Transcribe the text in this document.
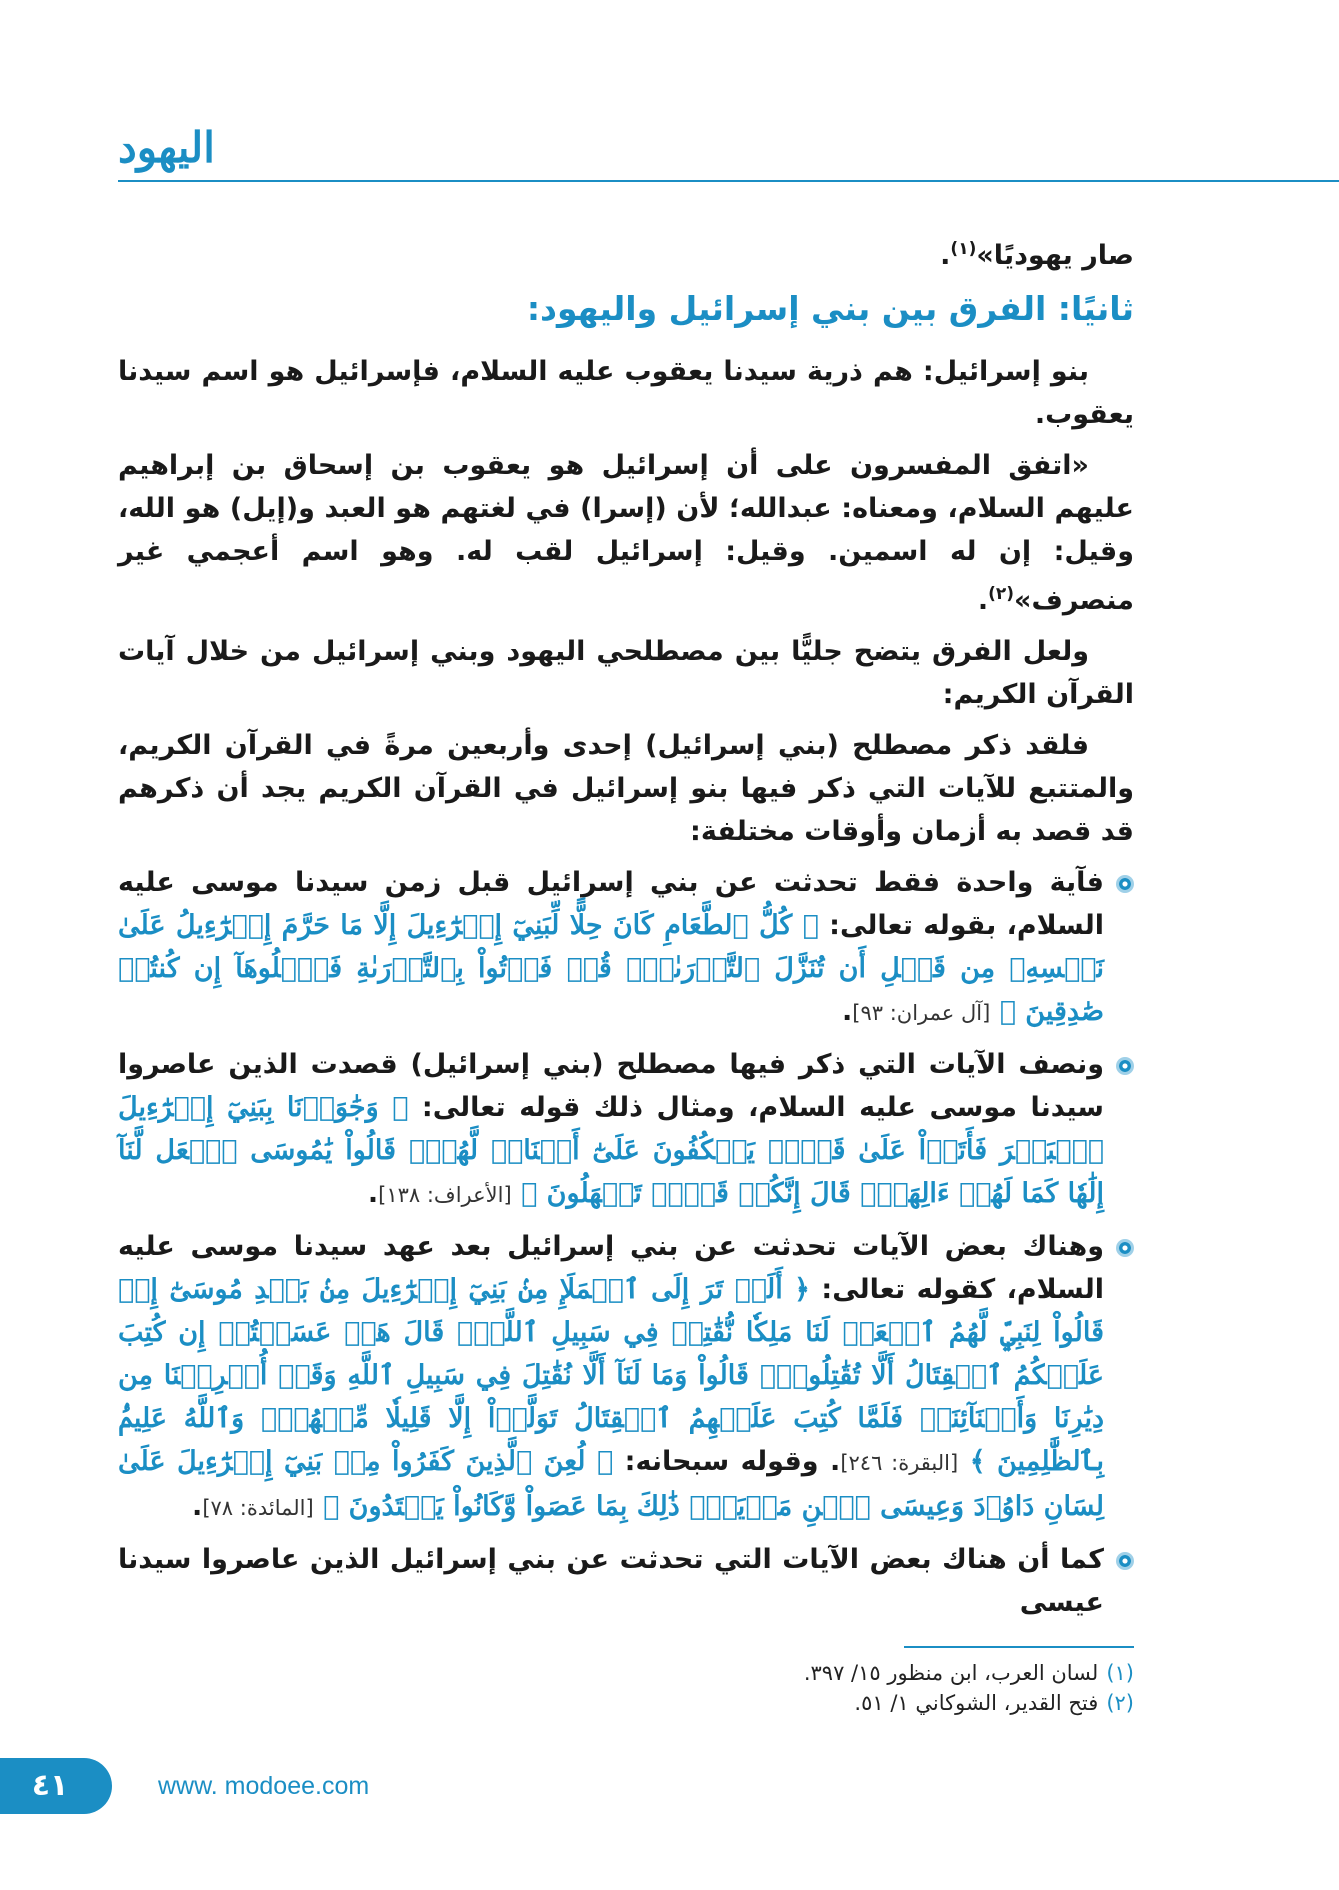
اليهود

صار يهوديًا»$^{(١)}$.

ثانيًا: الفرق بين بني إسرائيل واليهود:

بنو إسرائيل: هم ذرية سيدنا يعقوب عليه السلام، فإسرائيل هو اسم سيدنا يعقوب.

«اتفق المفسرون على أن إسرائيل هو يعقوب بن إسحاق بن إبراهيم عليهم السلام، ومعناه: عبدالله؛ لأن (إسرا) في لغتهم هو العبد و(إيل) هو الله، وقيل: إن له اسمين. وقيل: إسرائيل لقب له. وهو اسم أعجمي غير منصرف»$^{(٢)}$.

ولعل الفرق يتضح جليًّا بين مصطلحي اليهود وبني إسرائيل من خلال آيات القرآن الكريم:

فلقد ذكر مصطلح (بني إسرائيل) إحدى وأربعين مرةً في القرآن الكريم، والمتتبع للآيات التي ذكر فيها بنو إسرائيل في القرآن الكريم يجد أن ذكرهم قد قصد به أزمان وأوقات مختلفة:

فآية واحدة فقط تحدثت عن بني إسرائيل قبل زمن سيدنا موسى عليه السلام، بقوله تعالى: ﴿ كُلُّ ٱلطَّعَامِ كَانَ حِلًّا لِّبَنِيٓ إِسۡرَٰٓءِيلَ إِلَّا مَا حَرَّمَ إِسۡرَٰٓءِيلُ عَلَىٰ نَفۡسِهِۦ مِن قَبۡلِ أَن تُنَزَّلَ ٱلتَّوۡرَىٰةُۚ قُلۡ فَأۡتُواْ بِٱلتَّوۡرَىٰةِ فَٱتۡلُوهَآ إِن كُنتُمۡ صَٰدِقِينَ ﴾ [آل عمران: ٩٣].

ونصف الآيات التي ذكر فيها مصطلح (بني إسرائيل) قصدت الذين عاصروا سيدنا موسى عليه السلام، ومثال ذلك قوله تعالى: ﴿ وَجَٰوَزۡنَا بِبَنِيٓ إِسۡرَٰٓءِيلَ ٱلۡبَحۡرَ فَأَتَوۡاْ عَلَىٰ قَوۡمٖ يَعۡكُفُونَ عَلَىٰٓ أَصۡنَامٖ لَّهُمۡۚ قَالُواْ يَٰمُوسَى ٱجۡعَل لَّنَآ إِلَٰهٗا كَمَا لَهُمۡ ءَالِهَةٞۚ قَالَ إِنَّكُمۡ قَوۡمٞ تَجۡهَلُونَ ﴾ [الأعراف: ١٣٨].

وهناك بعض الآيات تحدثت عن بني إسرائيل بعد عهد سيدنا موسى عليه السلام، كقوله تعالى: ﴿ أَلَمۡ تَرَ إِلَى ٱلۡمَلَإِ مِنۢ بَنِيٓ إِسۡرَٰٓءِيلَ مِنۢ بَعۡدِ مُوسَىٰٓ إِذۡ قَالُواْ لِنَبِيّٖ لَّهُمُ ٱبۡعَثۡ لَنَا مَلِكٗا نُّقَٰتِلۡ فِي سَبِيلِ ٱللَّهِۖ قَالَ هَلۡ عَسَيۡتُمۡ إِن كُتِبَ عَلَيۡكُمُ ٱلۡقِتَالُ أَلَّا تُقَٰتِلُواْۖ قَالُواْ وَمَا لَنَآ أَلَّا نُقَٰتِلَ فِي سَبِيلِ ٱللَّهِ وَقَدۡ أُخۡرِجۡنَا مِن دِيَٰرِنَا وَأَبۡنَآئِنَاۖ فَلَمَّا كُتِبَ عَلَيۡهِمُ ٱلۡقِتَالُ تَوَلَّوۡاْ إِلَّا قَلِيلٗا مِّنۡهُمۡۚ وَٱللَّهُ عَلِيمُۢ بِٱلظَّٰلِمِينَ ﴾ [البقرة: ٢٤٦]. وقوله سبحانه: ﴿ لُعِنَ ٱلَّذِينَ كَفَرُواْ مِنۢ بَنِيٓ إِسۡرَٰٓءِيلَ عَلَىٰ لِسَانِ دَاوُۥدَ وَعِيسَى ٱبۡنِ مَرۡيَمَۚ ذَٰلِكَ بِمَا عَصَواْ وَّكَانُواْ يَعۡتَدُونَ ﴾ [المائدة: ٧٨].

كما أن هناك بعض الآيات التي تحدثت عن بني إسرائيل الذين عاصروا سيدنا عيسى

(١)لسان العرب، ابن منظور ١٥/ ٣٩٧.

(٢)فتح القدير، الشوكاني ١/ ٥١.

٤١	www. modoee.com
